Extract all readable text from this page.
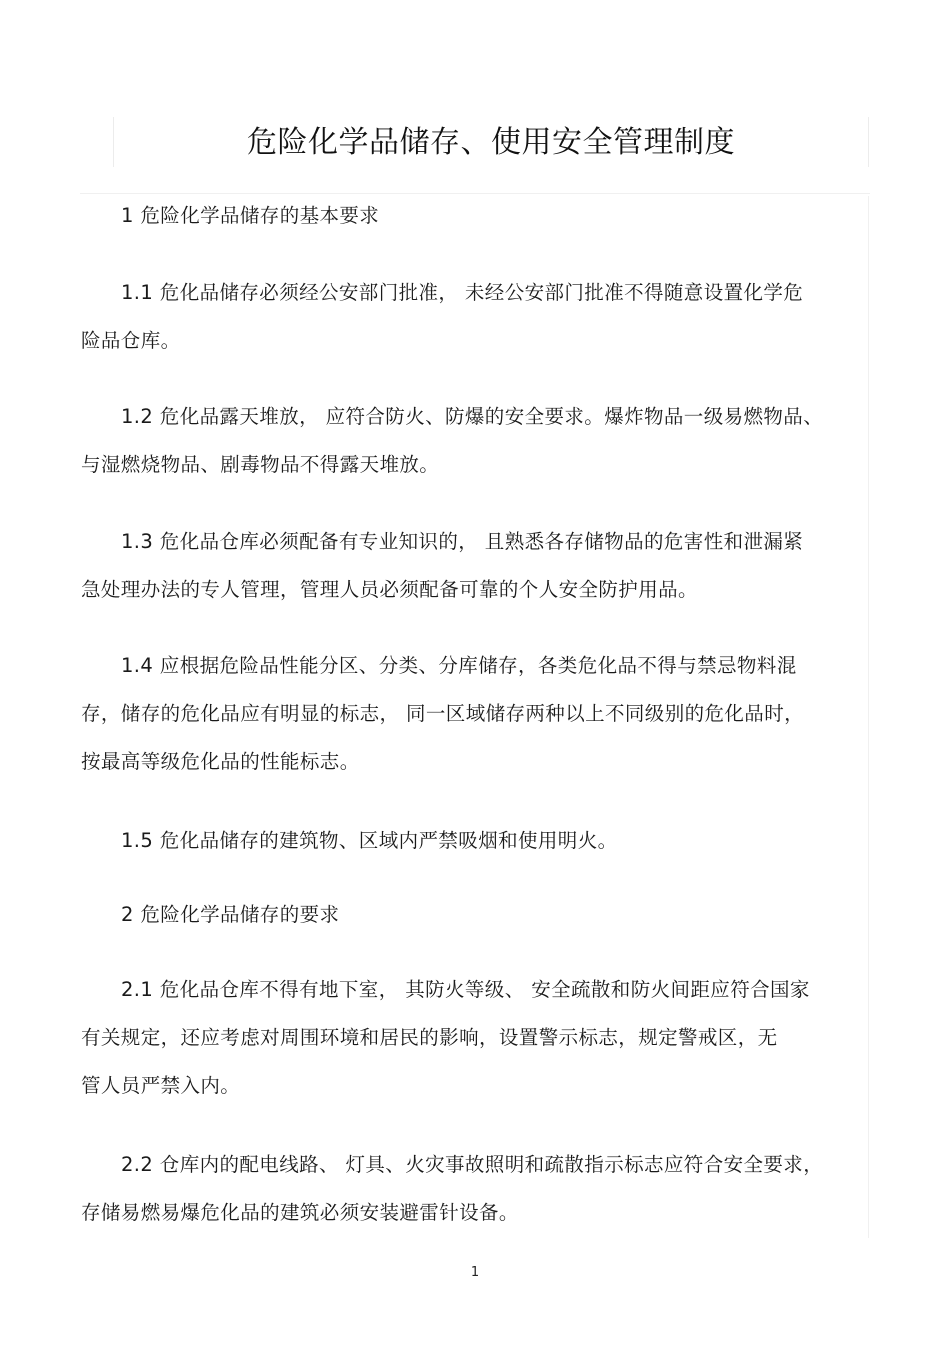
危险化学品储存、使用安全管理制度

1 危险化学品储存的基本要求

1.1 危化品储存必须经公安部门批准， 未经公安部门批准不得随意设置化学危
险品仓库。

1.2 危化品露天堆放， 应符合防火、防爆的安全要求。爆炸物品一级易燃物品、
与湿燃烧物品、剧毒物品不得露天堆放。

1.3 危化品仓库必须配备有专业知识的， 且熟悉各存储物品的危害性和泄漏紧
急处理办法的专人管理，管理人员必须配备可靠的个人安全防护用品。

1.4 应根据危险品性能分区、分类、分库储存，各类危化品不得与禁忌物料混
存，储存的危化品应有明显的标志， 同一区域储存两种以上不同级别的危化品时，
按最高等级危化品的性能标志。

1.5 危化品储存的建筑物、区域内严禁吸烟和使用明火。

2 危险化学品储存的要求

2.1 危化品仓库不得有地下室， 其防火等级、 安全疏散和防火间距应符合国家
有关规定，还应考虑对周围环境和居民的影响，设置警示标志，规定警戒区，无
管人员严禁入内。

2.2 仓库内的配电线路、 灯具、火灾事故照明和疏散指示标志应符合安全要求，
存储易燃易爆危化品的建筑必须安装避雷针设备。

1
